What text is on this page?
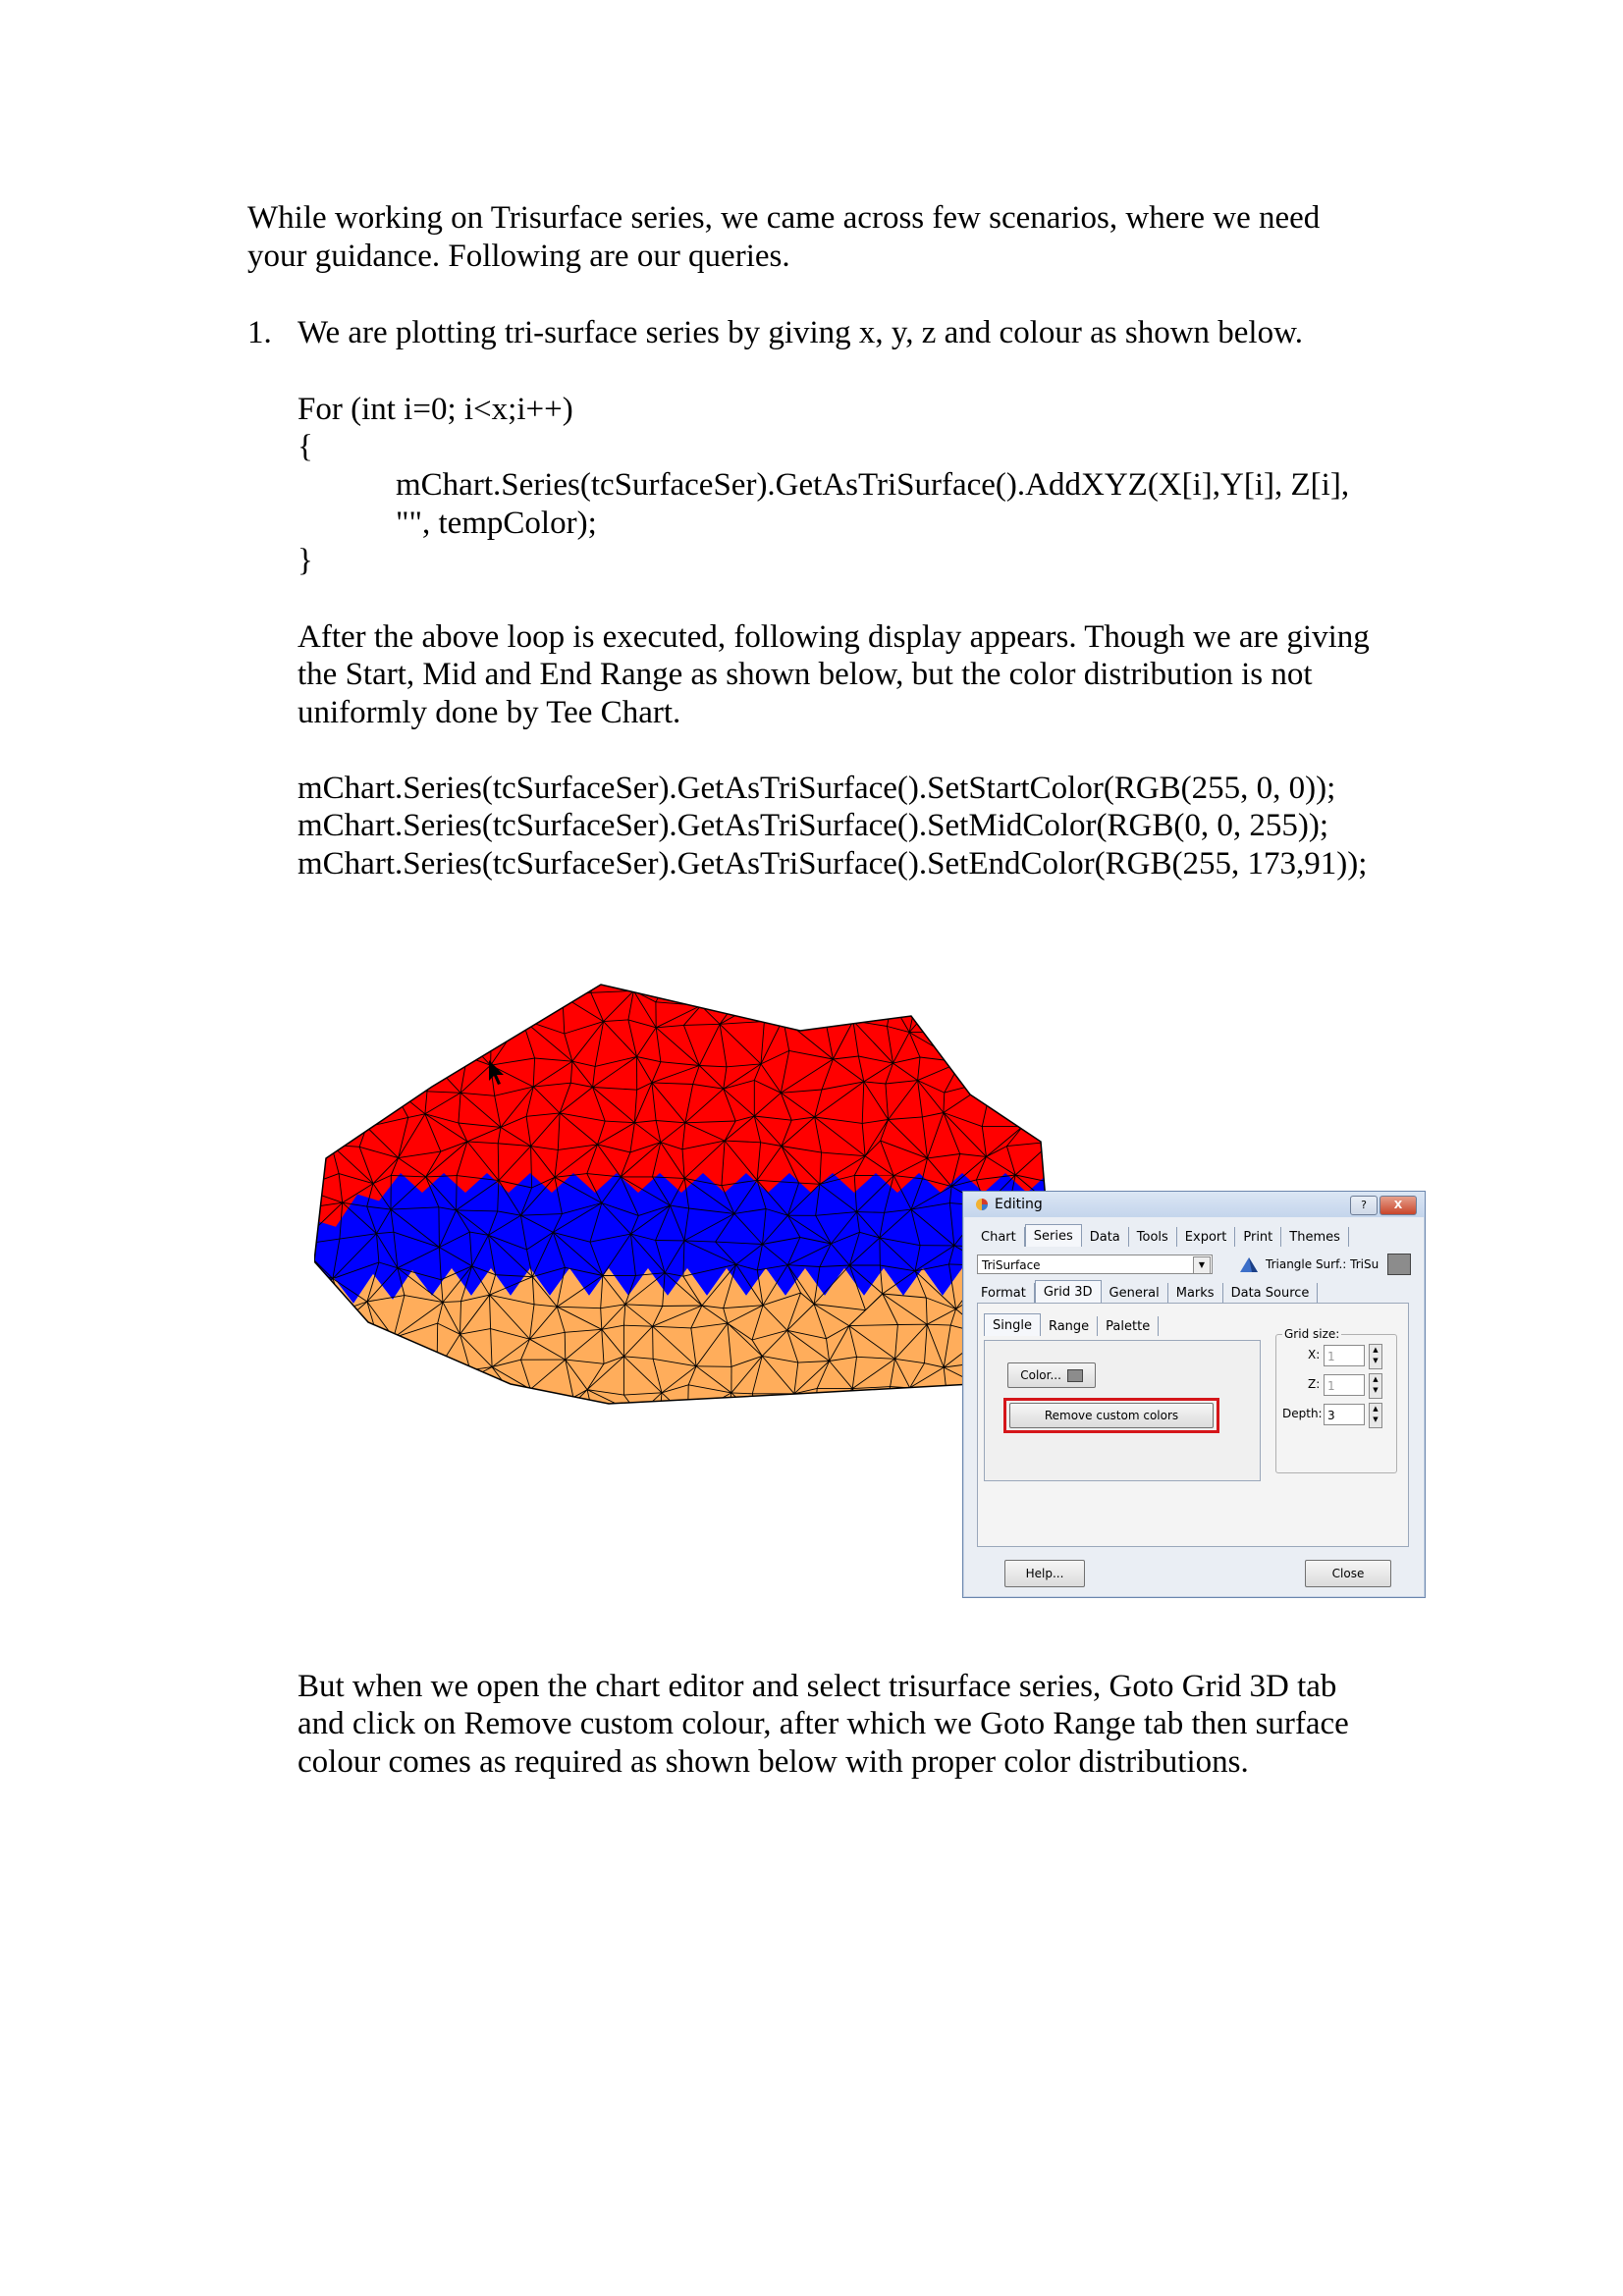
While working on Trisurface series, we came across few scenarios, where we need

your guidance. Following are our queries.

1. We are plotting tri-surface series by giving x, y, z and colour as shown below.

For (int i=0; i<x;i++)

{

mChart.Series(tcSurfaceSer).GetAsTriSurface().AddXYZ(X[i],Y[i], Z[i],

"", tempColor);

}

After the above loop is executed, following display appears. Though we are giving

the Start, Mid and End Range as shown below, but the color distribution is not

uniformly done by Tee Chart.

mChart.Series(tcSurfaceSer).GetAsTriSurface().SetStartColor(RGB(255, 0, 0));

mChart.Series(tcSurfaceSer).GetAsTriSurface().SetMidColor(RGB(0, 0, 255));

mChart.Series(tcSurfaceSer).GetAsTriSurface().SetEndColor(RGB(255, 173,91));

Editing	?	X
Chart	Series	Data	Tools	Export	Print	Themes
TriSurface	▼	Triangle Surf.: TriSu
Format	Grid 3D	General	Marks	Data Source
Single	Range	Palette
Color...
Remove custom colors
Grid size:
X: 1	▲
▼
Z: 1	▲
▼
Depth: 3	▲
▼
Help...	Close

But when we open the chart editor and select trisurface series, Goto Grid 3D tab

and click on Remove custom colour, after which we Goto Range tab then surface

colour comes as required as shown below with proper color distributions.
